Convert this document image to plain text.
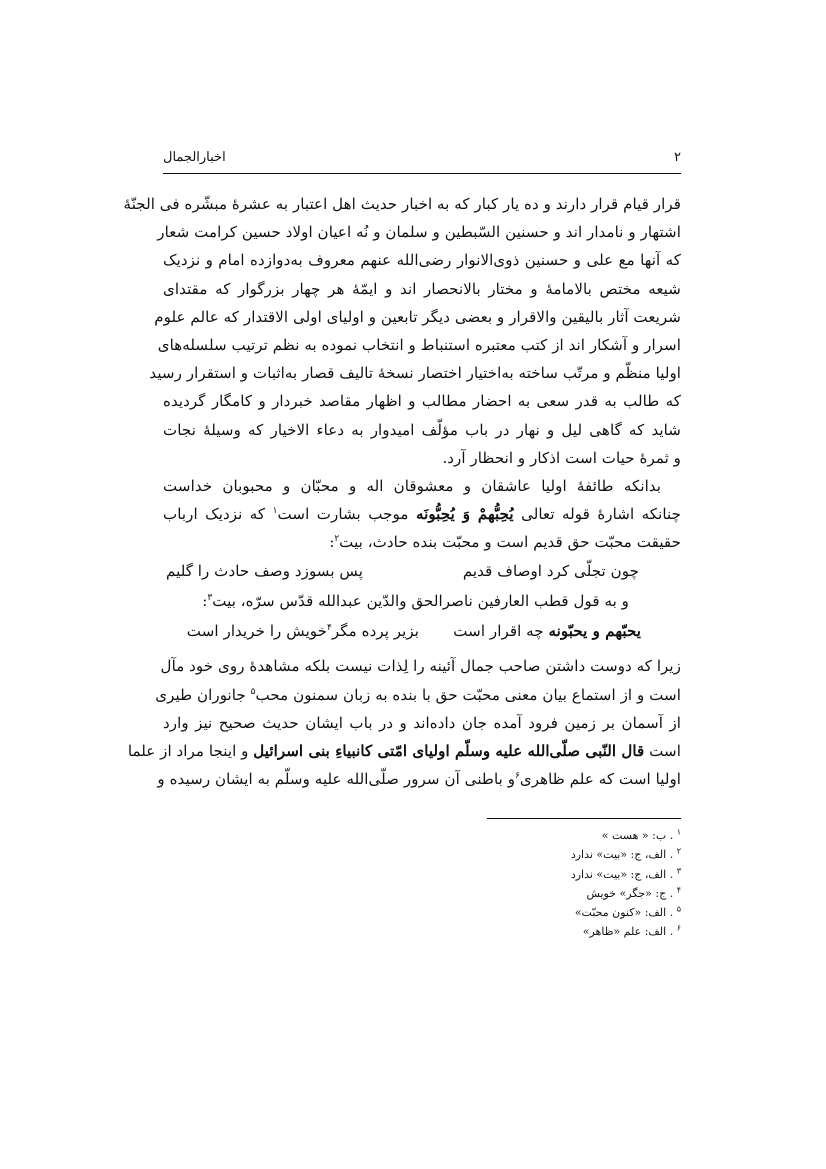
۲
اخبارالجمال
قرار قیام قرار دارند و ده یار کبار که به اخبار حدیث اهل اعتبار به عشرهٔ مبشّره فی الجنّهٔ
اشتهار و نامدار اند و حسنین السّبطین و سلمان و نُه اعیان اولاد حسین کرامت شعار
که آنها مع علی و حسنین ذوی‌الانوار رضی‌الله عنهم معروف به‌دوازده امام و نزدیک
شیعه مختص بالامامهٔ و مختار بالانحصار اند و ایمّهٔ هر چهار بزرگوار که مقتدای
شریعت آثار بالیقین والاقرار و بعضی دیگر تابعین و اولیای اولی الاقتدار که عالم علوم
اسرار و آشکار اند از کتب معتبره استنباط و انتخاب نموده به نظم ترتیب سلسله‌های
اولیا منظّم و مرتّب ساخته به‌اختیار اختصار نسخهٔ تالیف قصار به‌اثبات و استقرار رسید
که طالب به قدر سعی به احضار مطالب و اظهار مقاصد خبردار و کامگار گردیده
شاید که گاهی لیل و نهار در باب مؤلّف امیدوار به دعاء الاخیار که وسیلهٔ نجات
و ثمرهٔ حیات است اذکار و انحظار آرد.
بدانکه طائفهٔ اولیا عاشقان و معشوقان اله و محبّان و محبوبان خداست
چنانکه اشارهٔ قوله تعالی یُحِبُّهمْ وَ یُحِبُّونَه موجب بشارت است$^۱$ که نزدیک ارباب
حقیقت محبّت حق قدیم است و محبّت بنده حادث، بیت$^۲$:
چون تجلّی کرد اوصاف قدیم
پس بسوزد وصف حادث را گلیم
و به قول قطب العارفین ناصرالحق والدّین عبدالله قدّس سرّه، بیت$^۳$:
یحبّهم و یحبّونه چه اقرار است
بزیر پرده مگر$^۴$خویش را خریدار است
زیرا که دوست داشتن صاحب جمال آئینه را لِذات نیست بلکه مشاهدهٔ روی خود مآل
است و از استماع بیان معنی محبّت حق با بنده به زبان سمنون محب$^۵$ جانوران طیری
از آسمان بر زمین فرود آمده جان داده‌اند و در باب ایشان حدیث صحیح نیز وارد
است قال النّبی صلّی‌الله علیه وسلّم اولیای امّتی کانبیاءِ بنی اسرائیل و اینجا مراد از علما
اولیا است که علم ظاهری$^۶$و باطنی آن سرور صلّی‌الله علیه وسلّم به ایشان رسیده و
$^۱$ . ب: « هست »
$^۲$ . الف، ج: «بیت» ندارد
$^۳$ . الف، ج: «بیت» ندارد
$^۴$ . ج: «جگر» خویش
$^۵$ . الف: «کنون محبّت»
$^۶$ . الف: علم «ظاهر»
